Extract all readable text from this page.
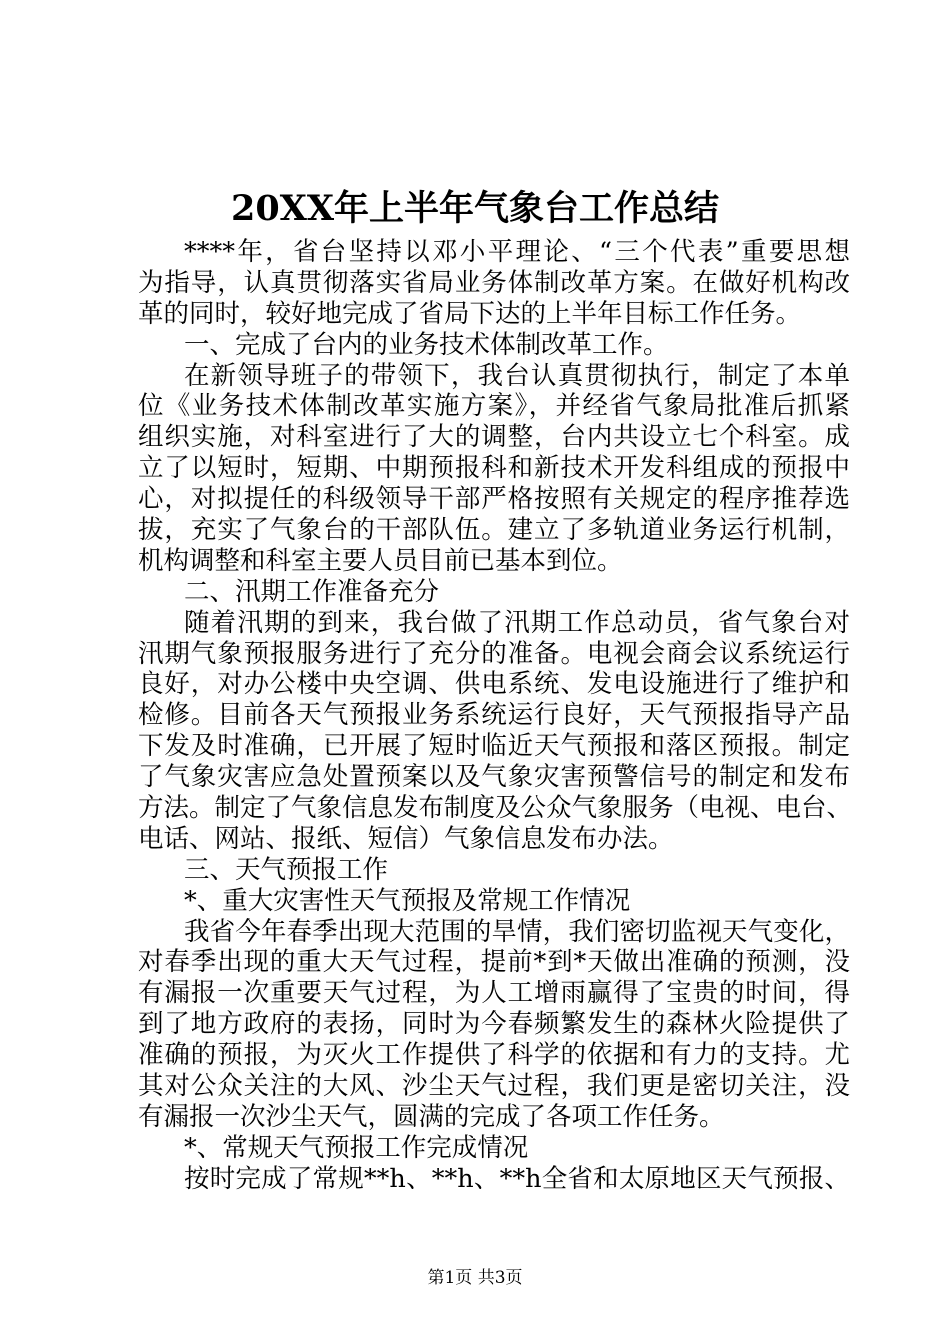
20XX年上半年气象台工作总结
****年，省台坚持以邓小平理论、“三个代表”重要思想
为指导，认真贯彻落实省局业务体制改革方案。在做好机构改
革的同时，较好地完成了省局下达的上半年目标工作任务。
一、完成了台内的业务技术体制改革工作。
在新领导班子的带领下，我台认真贯彻执行，制定了本单
位《业务技术体制改革实施方案》，并经省气象局批准后抓紧
组织实施，对科室进行了大的调整，台内共设立七个科室。成
立了以短时，短期、中期预报科和新技术开发科组成的预报中
心，对拟提任的科级领导干部严格按照有关规定的程序推荐选
拔，充实了气象台的干部队伍。建立了多轨道业务运行机制，
机构调整和科室主要人员目前已基本到位。
二、汛期工作准备充分
随着汛期的到来，我台做了汛期工作总动员，省气象台对
汛期气象预报服务进行了充分的准备。电视会商会议系统运行
良好，对办公楼中央空调、供电系统、发电设施进行了维护和
检修。目前各天气预报业务系统运行良好，天气预报指导产品
下发及时准确，已开展了短时临近天气预报和落区预报。制定
了气象灾害应急处置预案以及气象灾害预警信号的制定和发布
方法。制定了气象信息发布制度及公众气象服务（电视、电台、
电话、网站、报纸、短信）气象信息发布办法。
三、天气预报工作
*、重大灾害性天气预报及常规工作情况
我省今年春季出现大范围的旱情，我们密切监视天气变化，
对春季出现的重大天气过程，提前*到*天做出准确的预测，没
有漏报一次重要天气过程，为人工增雨赢得了宝贵的时间，得
到了地方政府的表扬，同时为今春频繁发生的森林火险提供了
准确的预报，为灭火工作提供了科学的依据和有力的支持。尤
其对公众关注的大风、沙尘天气过程，我们更是密切关注，没
有漏报一次沙尘天气，圆满的完成了各项工作任务。
*、常规天气预报工作完成情况
按时完成了常规**h、**h、**h全省和太原地区天气预报、
第1页 共3页
